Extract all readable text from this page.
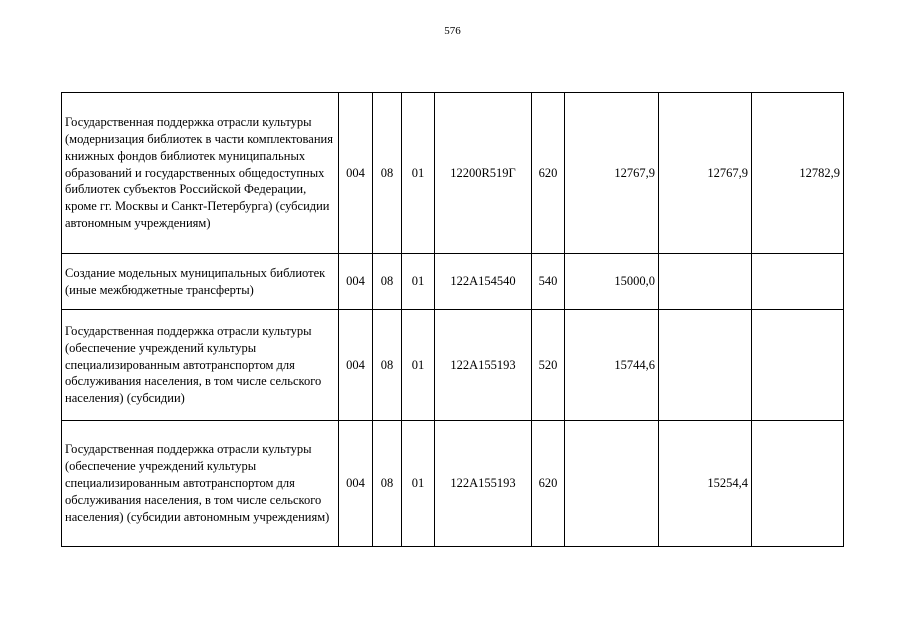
576
Государственная поддержка отрасли культуры (модернизация библиотек в части комплектования книжных фондов библиотек муниципальных образований и государственных общедоступных библиотек субъектов Российской Федерации, кроме гг. Москвы и Санкт-Петербурга) (субсидии автономным учреждениям)	004	08	01	12200R519Г	620	12767,9	12767,9	12782,9
Создание модельных муниципальных библиотек (иные межбюджетные трансферты)	004	08	01	122A154540	540	15000,0		
Государственная поддержка отрасли культуры (обеспечение учреждений культуры специализированным автотранспортом для обслуживания населения, в том числе сельского населения) (субсидии)	004	08	01	122A155193	520	15744,6		
Государственная поддержка отрасли культуры (обеспечение учреждений культуры специализированным автотранспортом для обслуживания населения, в том числе сельского населения) (субсидии автономным учреждениям)	004	08	01	122A155193	620		15254,4	
